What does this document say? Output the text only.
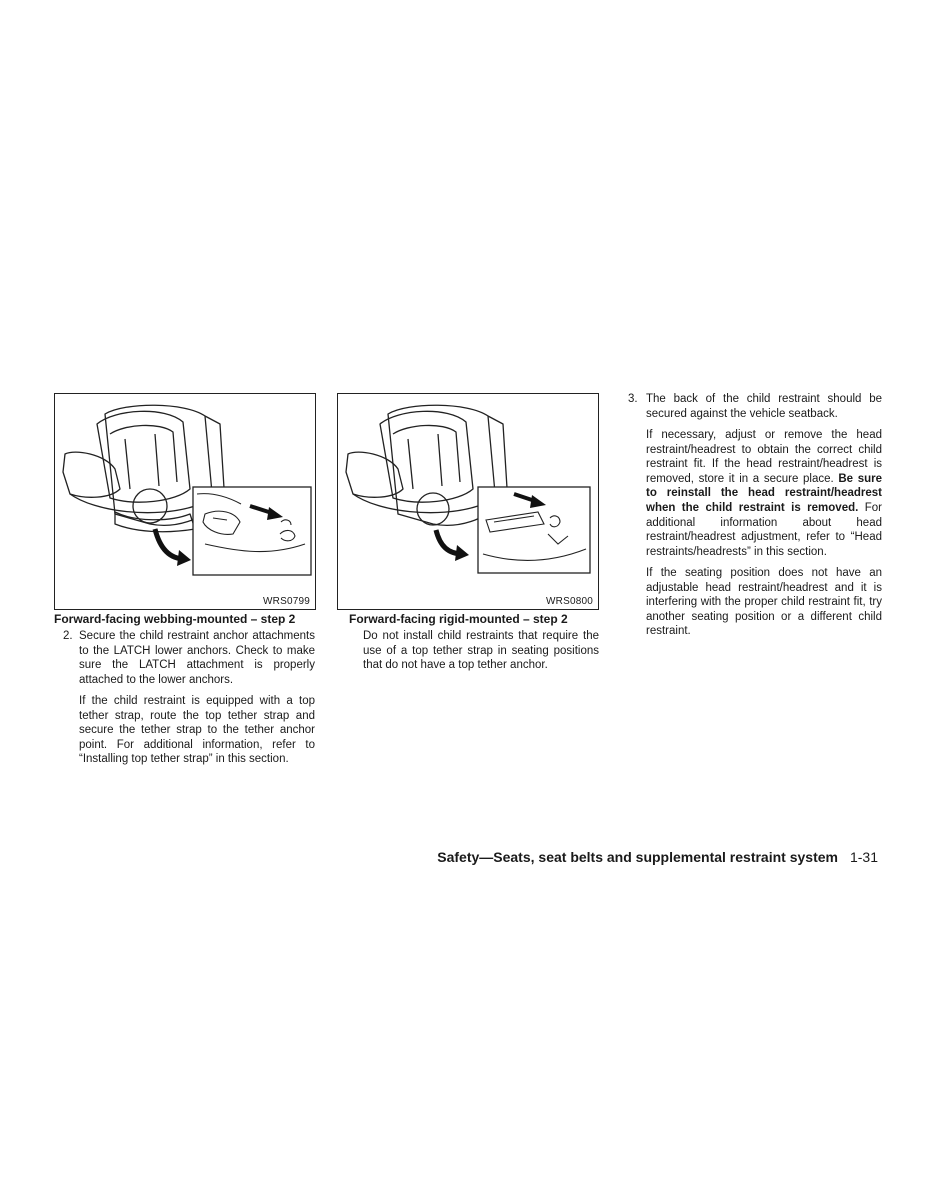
WRS0799	WRS0800
Forward-facing webbing-mounted – step 2	Forward-facing rigid-mounted – step 2
2. Secure the child restraint anchor attachments to the LATCH lower anchors. Check to make sure the LATCH attachment is properly attached to the lower anchors.

If the child restraint is equipped with a top tether strap, route the top tether strap and secure the tether strap to the tether anchor point. For additional information, refer to “Installing top tether strap” in this section.

Do not install child restraints that require the use of a top tether strap in seating positions that do not have a top tether anchor.

3. The back of the child restraint should be secured against the vehicle seatback.

If necessary, adjust or remove the head restraint/headrest to obtain the correct child restraint fit. If the head restraint/headrest is removed, store it in a secure place. Be sure to reinstall the head restraint/headrest when the child restraint is removed. For additional information about head restraint/headrest adjustment, refer to “Head restraints/headrests” in this section.

If the seating position does not have an adjustable head restraint/headrest and it is interfering with the proper child restraint fit, try another seating position or a different child restraint.

Safety—Seats, seat belts and supplemental restraint system 1-31
